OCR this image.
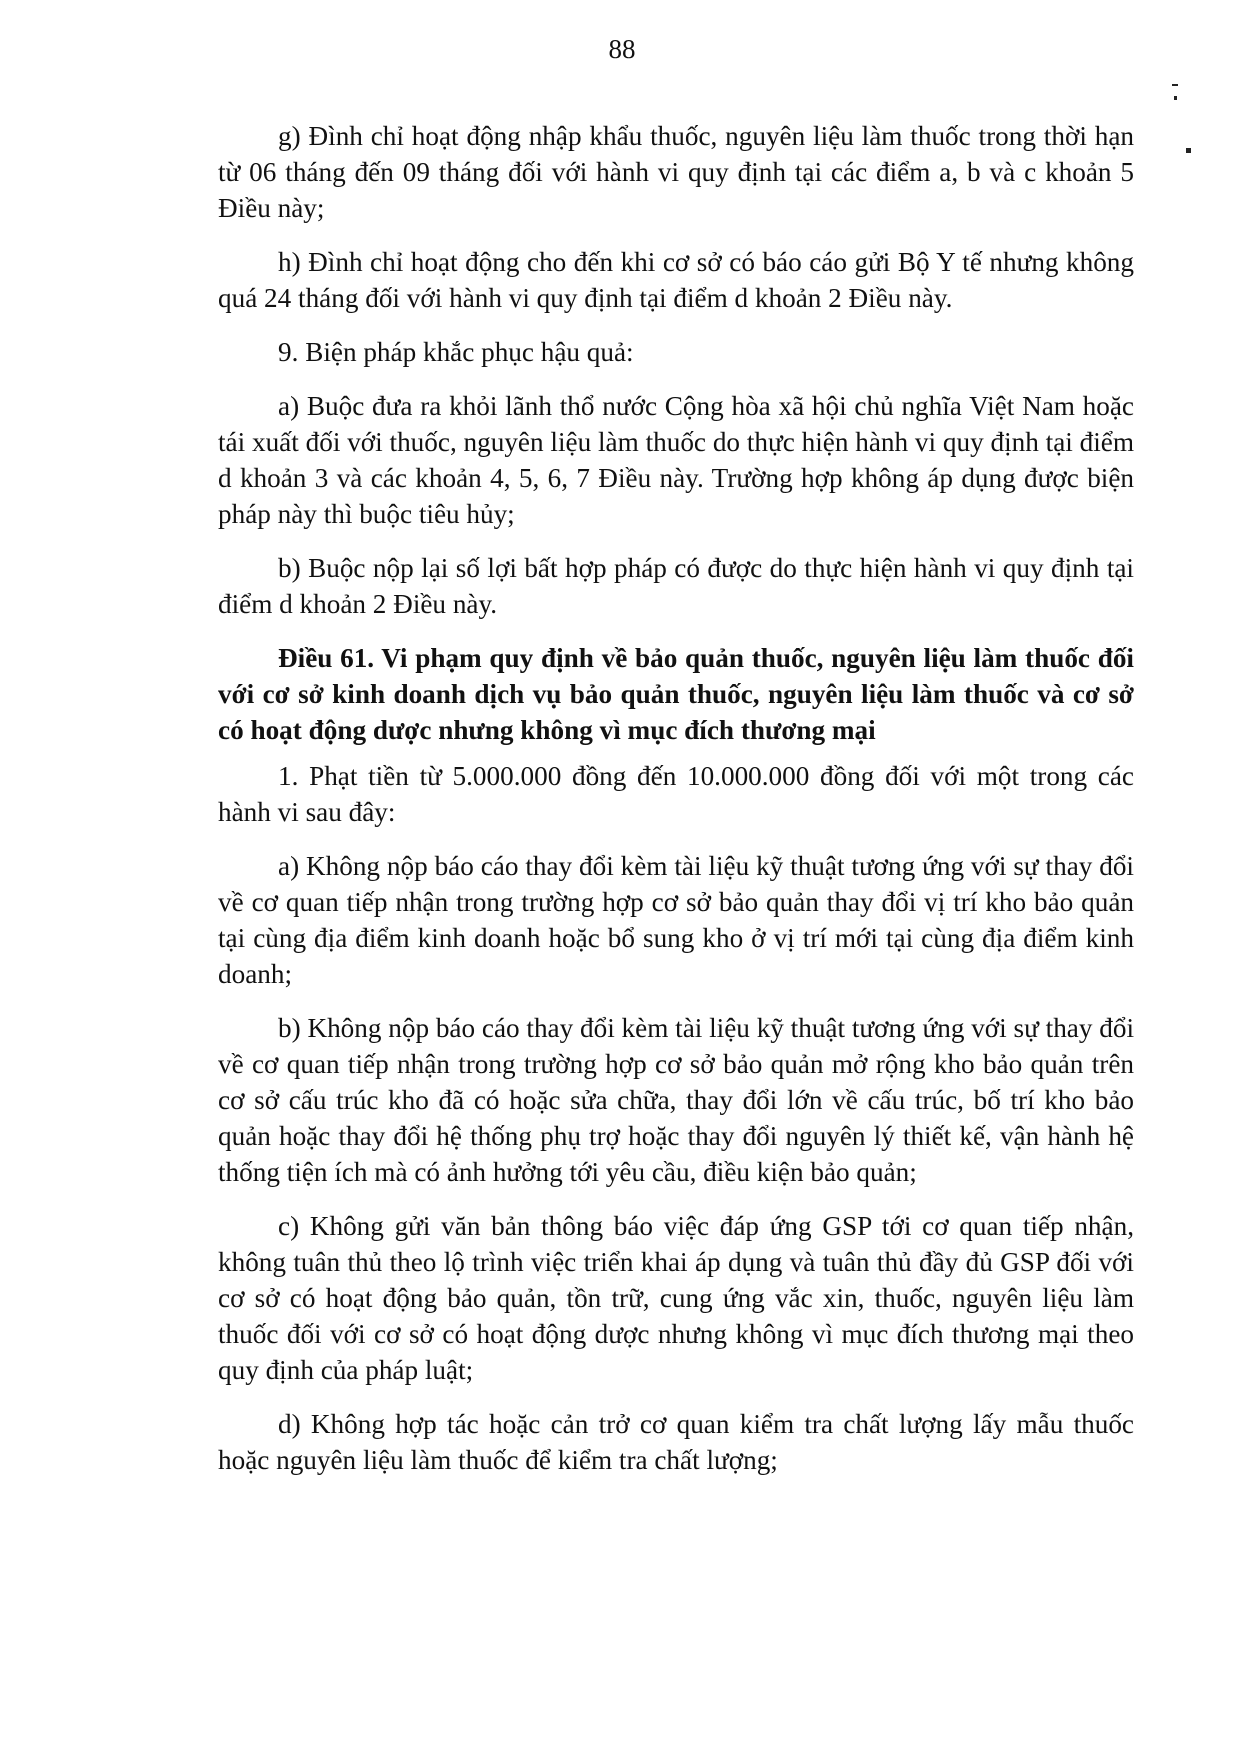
88

g) Đình chỉ hoạt động nhập khẩu thuốc, nguyên liệu làm thuốc trong thời hạn từ 06 tháng đến 09 tháng đối với hành vi quy định tại các điểm a, b và c khoản 5 Điều này;

h) Đình chỉ hoạt động cho đến khi cơ sở có báo cáo gửi Bộ Y tế nhưng không quá 24 tháng đối với hành vi quy định tại điểm d khoản 2 Điều này.

9. Biện pháp khắc phục hậu quả:

a) Buộc đưa ra khỏi lãnh thổ nước Cộng hòa xã hội chủ nghĩa Việt Nam hoặc tái xuất đối với thuốc, nguyên liệu làm thuốc do thực hiện hành vi quy định tại điểm d khoản 3 và các khoản 4, 5, 6, 7 Điều này. Trường hợp không áp dụng được biện pháp này thì buộc tiêu hủy;

b) Buộc nộp lại số lợi bất hợp pháp có được do thực hiện hành vi quy định tại điểm d khoản 2 Điều này.

Điều 61. Vi phạm quy định về bảo quản thuốc, nguyên liệu làm thuốc đối với cơ sở kinh doanh dịch vụ bảo quản thuốc, nguyên liệu làm thuốc và cơ sở có hoạt động dược nhưng không vì mục đích thương mại

1. Phạt tiền từ 5.000.000 đồng đến 10.000.000 đồng đối với một trong các hành vi sau đây:

a) Không nộp báo cáo thay đổi kèm tài liệu kỹ thuật tương ứng với sự thay đổi về cơ quan tiếp nhận trong trường hợp cơ sở bảo quản thay đổi vị trí kho bảo quản tại cùng địa điểm kinh doanh hoặc bổ sung kho ở vị trí mới tại cùng địa điểm kinh doanh;

b) Không nộp báo cáo thay đổi kèm tài liệu kỹ thuật tương ứng với sự thay đổi về cơ quan tiếp nhận trong trường hợp cơ sở bảo quản mở rộng kho bảo quản trên cơ sở cấu trúc kho đã có hoặc sửa chữa, thay đổi lớn về cấu trúc, bố trí kho bảo quản hoặc thay đổi hệ thống phụ trợ hoặc thay đổi nguyên lý thiết kế, vận hành hệ thống tiện ích mà có ảnh hưởng tới yêu cầu, điều kiện bảo quản;

c) Không gửi văn bản thông báo việc đáp ứng GSP tới cơ quan tiếp nhận, không tuân thủ theo lộ trình việc triển khai áp dụng và tuân thủ đầy đủ GSP đối với cơ sở có hoạt động bảo quản, tồn trữ, cung ứng vắc xin, thuốc, nguyên liệu làm thuốc đối với cơ sở có hoạt động dược nhưng không vì mục đích thương mại theo quy định của pháp luật;

d) Không hợp tác hoặc cản trở cơ quan kiểm tra chất lượng lấy mẫu thuốc hoặc nguyên liệu làm thuốc để kiểm tra chất lượng;
